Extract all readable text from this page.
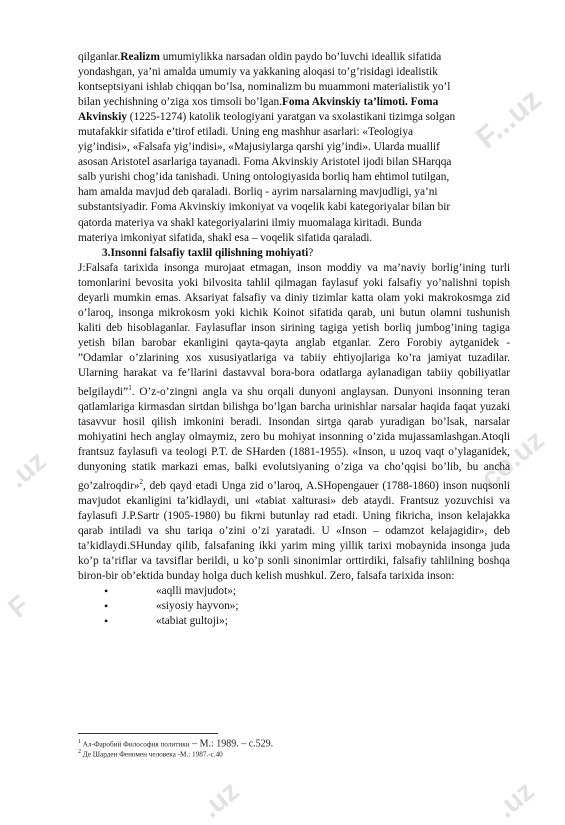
F...uz
.uz
F
co.uz
.uz	.uz

qilganlar.Realizm umumiylikka narsadan oldin paydo bo’luvchi ideallik sifatida

yondashgan, ya’ni amalda umumiy va yakkaning aloqasi to’g’risidagi idealistik

kontseptsiyani ishlab chiqqan bo’lsa, nominalizm bu muammoni materialistik yo’l

bilan yechishning o’ziga xos timsoli bo’lgan.Foma Akvinskiy ta’limoti. Foma

Akvinskiy (1225-1274) katolik teologiyani yaratgan va sxolastikani tizimga solgan

mutafakkir sifatida e’tirof etiladi. Uning eng mashhur asarlari: «Teologiya

yig’indisi», «Falsafa yig’indisi», «Majusiylarga qarshi yig’indi». Ularda muallif

asosan Aristotel asarlariga tayanadi. Foma Akvinskiy Aristotel ijodi bilan SHarqqa

salb yurishi chog’ida tanishadi. Uning ontologiyasida borliq ham ehtimol tutilgan,

ham amalda mavjud deb qaraladi. Borliq - ayrim narsalarning mavjudligi, ya’ni

substantsiyadir. Foma Akvinskiy imkoniyat va voqelik kabi kategoriyalar bilan bir

qatorda materiya va shakl kategoriyalarini ilmiy muomalaga kiritadi. Bunda

materiya imkoniyat sifatida, shakl esa – voqelik sifatida qaraladi.

3.Insonni falsafiy taxlil qilishning mohiyati?

J:Falsafa tarixida insonga murojaat etmagan, inson moddiy va ma’naviy borlig’ining turli tomonlarini bevosita yoki bilvosita tahlil qilmagan faylasuf yoki falsafiy yo’nalishni topish deyarli mumkin emas. Aksariyat falsafiy va diniy tizimlar katta olam yoki makrokosmga zid o’laroq, insonga mikrokosm yoki kichik Koinot sifatida qarab, uni butun olamni tushunish kaliti deb hisoblaganlar. Faylasuflar inson sirining tagiga yetish borliq jumbog’ining tagiga yetish bilan barobar ekanligini qayta-qayta anglab etganlar. Zero Forobiy aytganidek - ”Odamlar o’zlarining xos xususiyatlariga va tabiiy ehtiyojlariga ko’ra jamiyat tuzadilar. Ularning harakat va fe’llarini dastavval bora-bora odatlarga aylanadigan tabiiy qobiliyatlar belgilaydi”$^1$. O’z-o’zingni angla va shu orqali dunyoni anglaysan. Dunyoni insonning teran qatlamlariga kirmasdan sirtdan bilishga bo’lgan barcha urinishlar narsalar haqida faqat yuzaki tasavvur hosil qilish imkonini beradi. Insondan sirtga qarab yuradigan bo’lsak, narsalar mohiyatini hech anglay olmaymiz, zero bu mohiyat insonning o’zida mujassamlashgan.Atoqli frantsuz faylasufi va teologi P.T. de SHarden (1881-1955). «Inson, u uzoq vaqt o’ylaganidek, dunyoning statik markazi emas, balki evolutsiyaning o’ziga va cho’qqisi bo’lib, bu ancha go’zalroqdir»$^2$, deb qayd etadi Unga zid o’laroq, A.SHopengauer (1788-1860) inson nuqsonli mavjudot ekanligini ta’kidlaydi, uni «tabiat xalturasi» deb ataydi. Frantsuz yozuvchisi va faylasufi J.P.Sartr (1905-1980) bu fikrni butunlay rad etadi. Uning fikricha, inson kelajakka qarab intiladi va shu tariqa o’zini o’zi yaratadi. U «Inson – odamzot kelajagidir», deb ta’kidlaydi.SHunday qilib, falsafaning ikki yarim ming yillik tarixi mobaynida insonga juda ko’p ta’riflar va tavsiflar berildi, u ko’p sonli sinonimlar orttirdiki, falsafiy tahlilning boshqa biron-bir ob’ektida bunday holga duch kelish mushkul. Zero, falsafa tarixida inson:

•	«aqlli mavjudot»;
•	«siyosiy hayvon»;
•	«tabiat gultoji»;
$^1$ Ал-Фаробий Философия политики – М.: 1989. – с.529.
$^2$ Де Шарден Феномен человека -М.: 1987.-с.40
